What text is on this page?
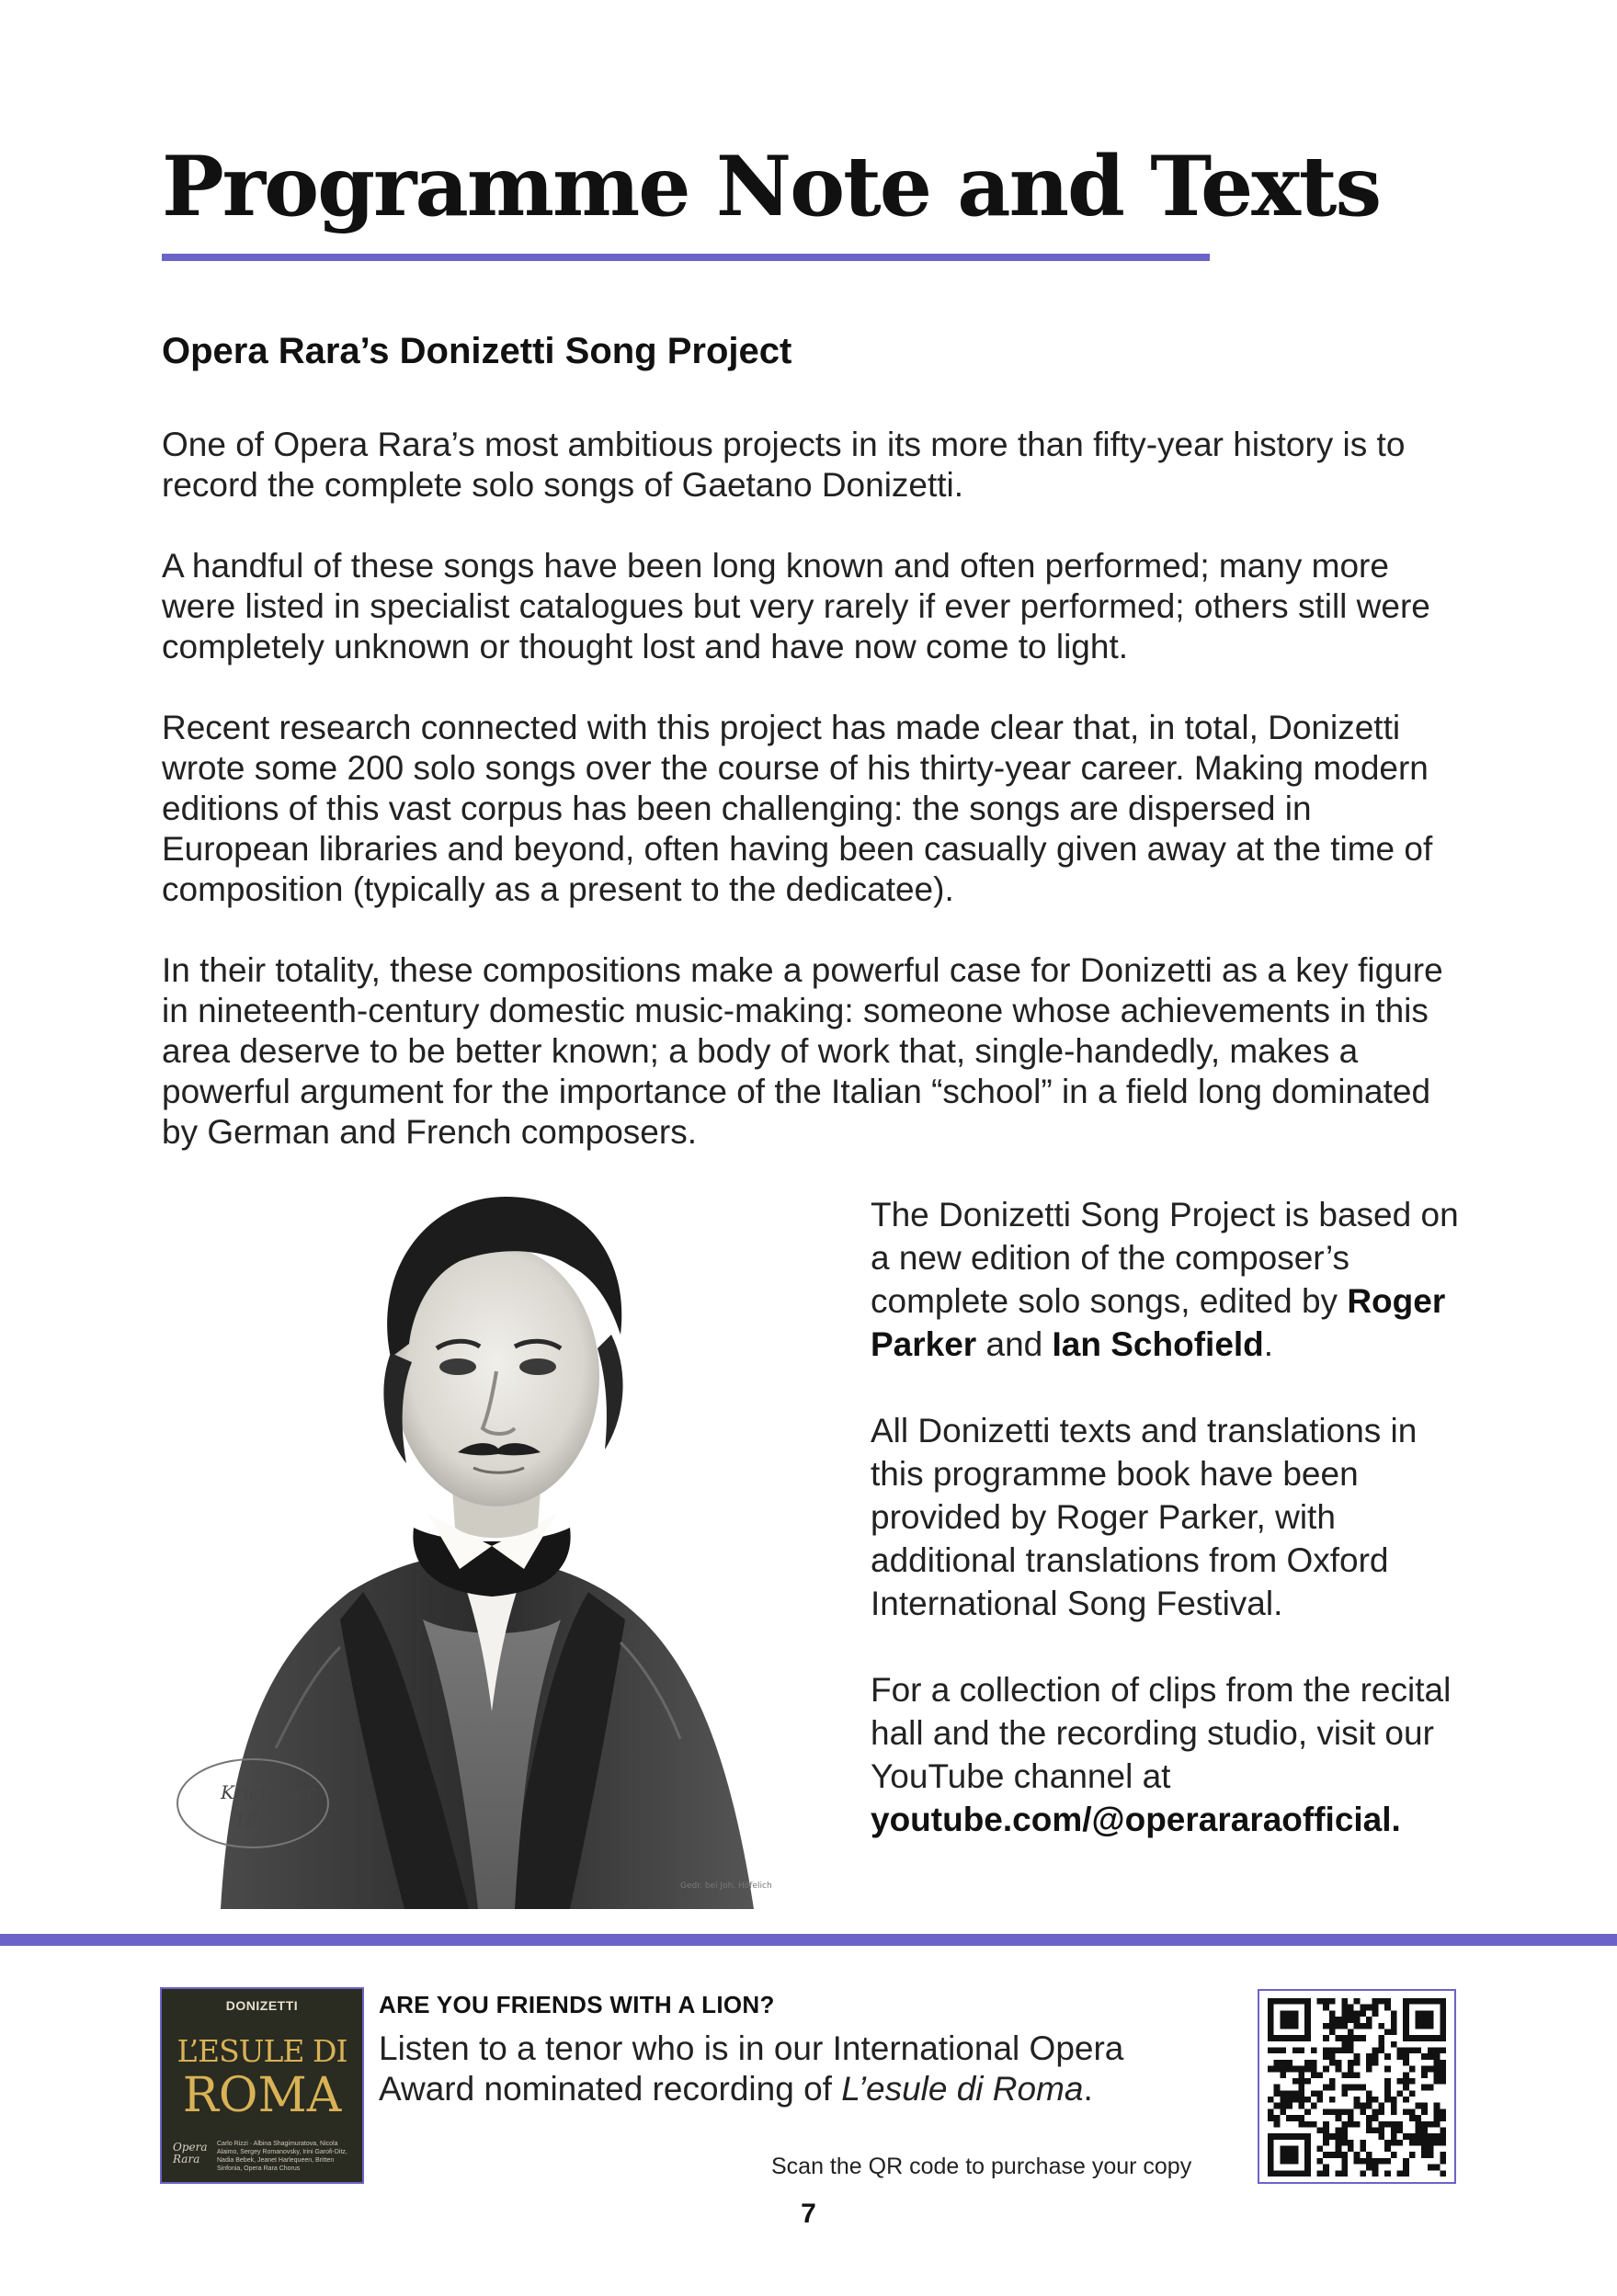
Programme Note and Texts
Opera Rara’s Donizetti Song Project

One of Opera Rara’s most ambitious projects in its more than fifty-year history is to record the complete solo songs of Gaetano Donizetti.

A handful of these songs have been long known and often performed; many more were listed in specialist catalogues but very rarely if ever performed; others still were completely unknown or thought lost and have now come to light.

Recent research connected with this project has made clear that, in total, Donizetti wrote some 200 solo songs over the course of his thirty-year career. Making modern editions of this vast corpus has been challenging: the songs are dispersed in European libraries and beyond, often having been casually given away at the time of composition (typically as a present to the dedicatee).

In their totality, these compositions make a powerful case for Donizetti as a key figure in nineteenth-century domestic music-making: someone whose achievements in this area deserve to be better known; a body of work that, single-handedly, makes a powerful argument for the importance of the Italian “school” in a field long dominated by German and French composers.

Kriehuber
1842
Gedr. bei Joh. Höfelich

The Donizetti Song Project is based on a new edition of the composer’s complete solo songs, edited by Roger Parker and Ian Schofield.

All Donizetti texts and translations in this programme book have been provided by Roger Parker, with additional translations from Oxford International Song Festival.

For a collection of clips from the recital hall and the recording studio, visit our YouTube channel at youtube.com/@operararaofficial.

DONIZETTI
L’ESULE DI
ROMA
Opera
Rara
Carlo Rizzi · Albina Shagimuratova, Nicola Alaimo, Sergey Romanovsky, Irini Garofi-Ditz, Nadia Bebek, Jeanet Harlequeen, Britten Sinfonia, Opera Rara Chorus
ARE YOU FRIENDS WITH A LION?
Listen to a tenor who is in our International Opera Award nominated recording of L’esule di Roma.
Scan the QR code to purchase your copy
7
